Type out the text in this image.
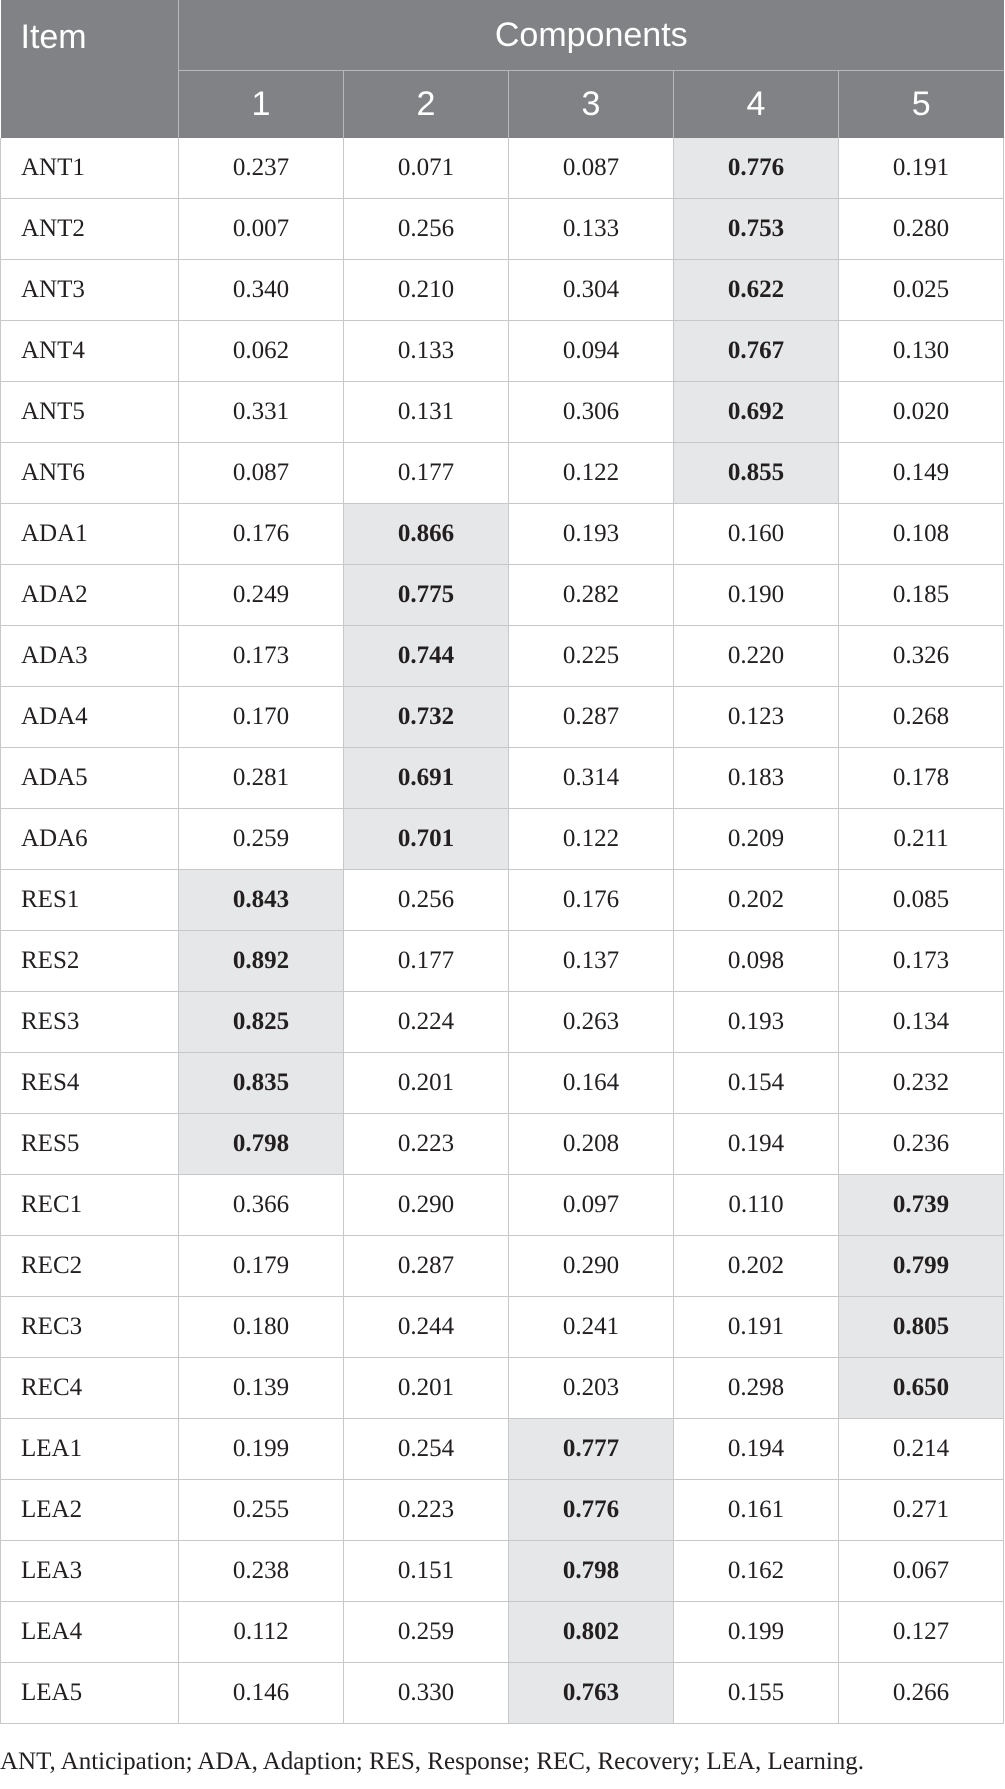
Item	Components				
	1	2	3	4	5
ANT1	0.237	0.071	0.087	0.776	0.191
ANT2	0.007	0.256	0.133	0.753	0.280
ANT3	0.340	0.210	0.304	0.622	0.025
ANT4	0.062	0.133	0.094	0.767	0.130
ANT5	0.331	0.131	0.306	0.692	0.020
ANT6	0.087	0.177	0.122	0.855	0.149
ADA1	0.176	0.866	0.193	0.160	0.108
ADA2	0.249	0.775	0.282	0.190	0.185
ADA3	0.173	0.744	0.225	0.220	0.326
ADA4	0.170	0.732	0.287	0.123	0.268
ADA5	0.281	0.691	0.314	0.183	0.178
ADA6	0.259	0.701	0.122	0.209	0.211
RES1	0.843	0.256	0.176	0.202	0.085
RES2	0.892	0.177	0.137	0.098	0.173
RES3	0.825	0.224	0.263	0.193	0.134
RES4	0.835	0.201	0.164	0.154	0.232
RES5	0.798	0.223	0.208	0.194	0.236
REC1	0.366	0.290	0.097	0.110	0.739
REC2	0.179	0.287	0.290	0.202	0.799
REC3	0.180	0.244	0.241	0.191	0.805
REC4	0.139	0.201	0.203	0.298	0.650
LEA1	0.199	0.254	0.777	0.194	0.214
LEA2	0.255	0.223	0.776	0.161	0.271
LEA3	0.238	0.151	0.798	0.162	0.067
LEA4	0.112	0.259	0.802	0.199	0.127
LEA5	0.146	0.330	0.763	0.155	0.266
ANT, Anticipation; ADA, Adaption; RES, Response; REC, Recovery; LEA, Learning.
